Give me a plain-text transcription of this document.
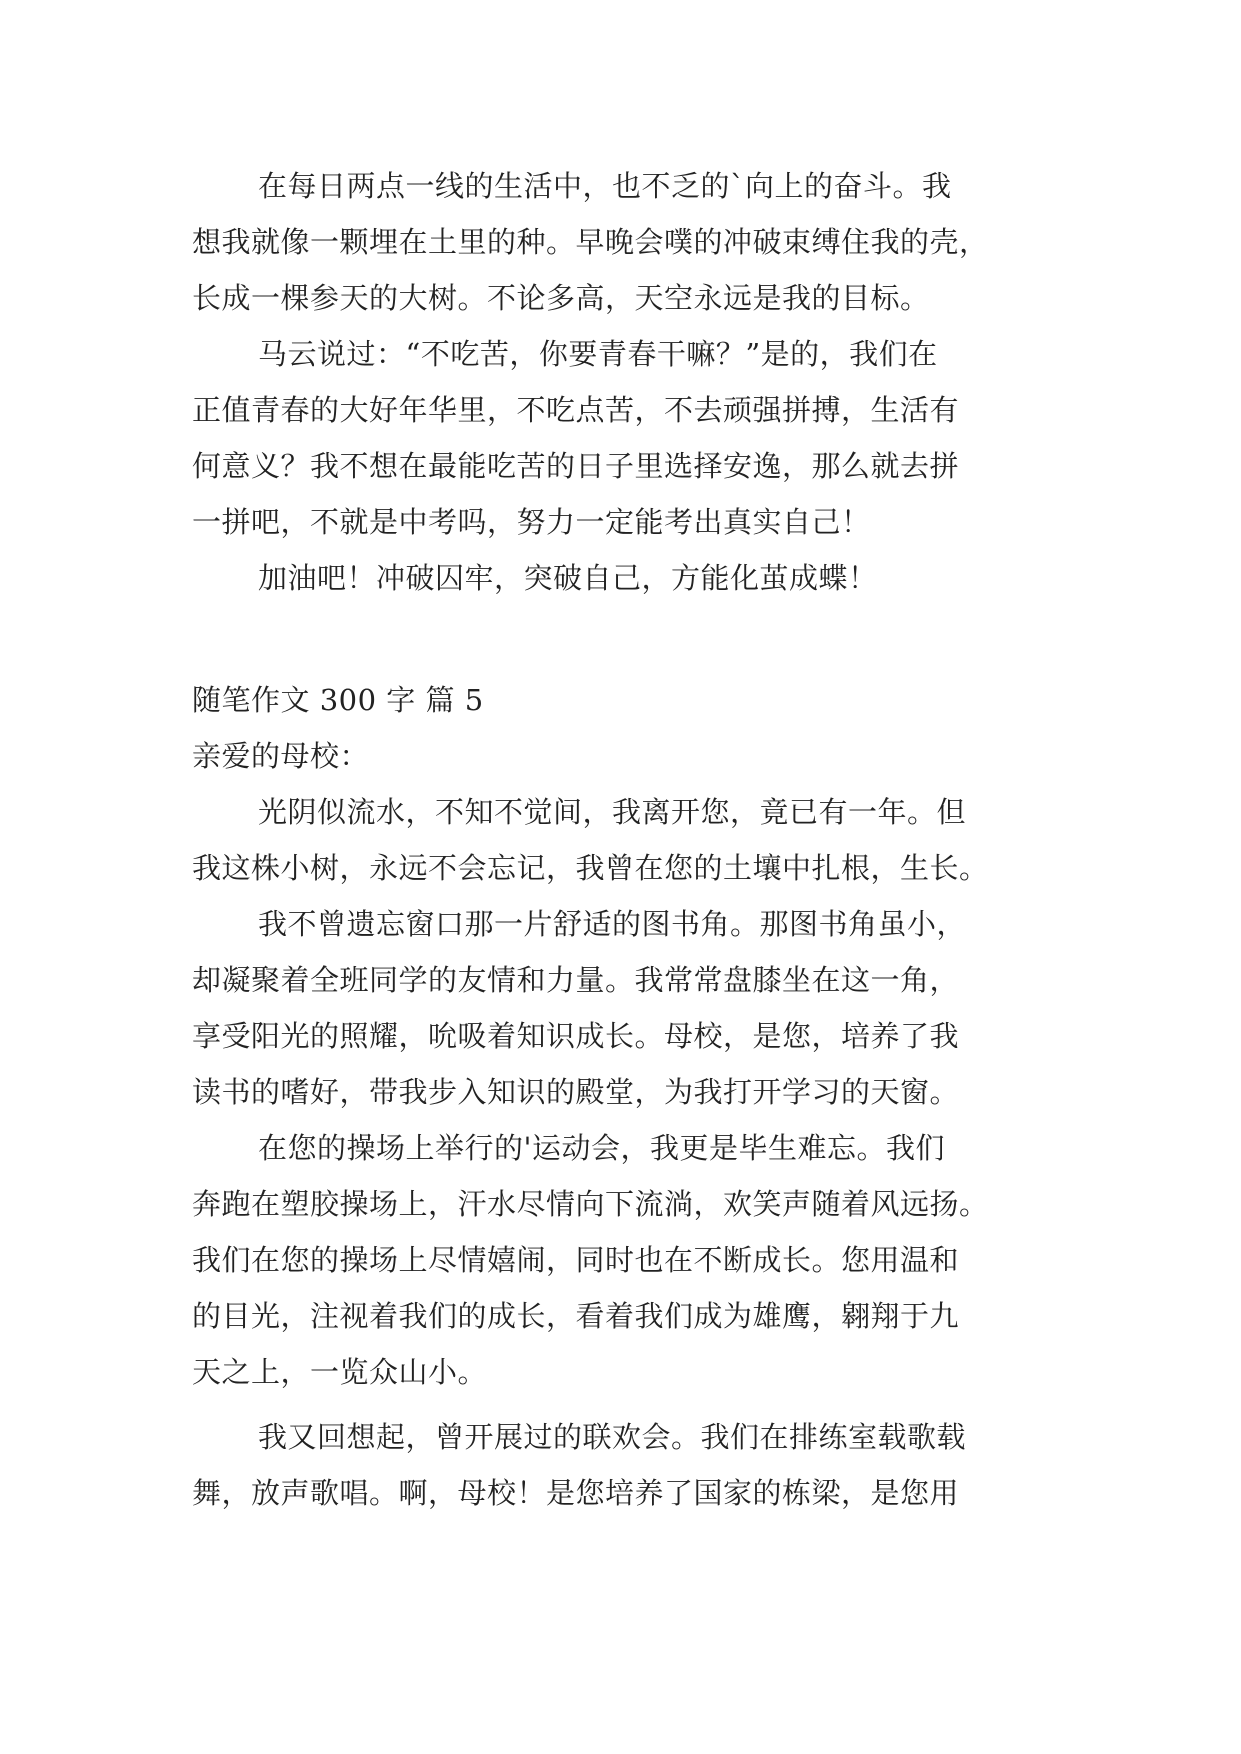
在每日两点一线的生活中，也不乏的`向上的奋斗。我
想我就像一颗埋在土里的种。早晚会噗的冲破束缚住我的壳，
长成一棵参天的大树。不论多高，天空永远是我的目标。
马云说过：“不吃苦，你要青春干嘛？”是的，我们在
正值青春的大好年华里，不吃点苦，不去顽强拼搏，生活有
何意义？我不想在最能吃苦的日子里选择安逸，那么就去拼
一拼吧，不就是中考吗，努力一定能考出真实自己！
加油吧！冲破囚牢，突破自己，方能化茧成蝶！
随笔作文 300 字 篇 5
亲爱的母校：
光阴似流水，不知不觉间，我离开您，竟已有一年。但
我这株小树，永远不会忘记，我曾在您的土壤中扎根，生长。
我不曾遗忘窗口那一片舒适的图书角。那图书角虽小，
却凝聚着全班同学的友情和力量。我常常盘膝坐在这一角，
享受阳光的照耀，吮吸着知识成长。母校，是您，培养了我
读书的嗜好，带我步入知识的殿堂，为我打开学习的天窗。
在您的操场上举行的'运动会，我更是毕生难忘。我们
奔跑在塑胶操场上，汗水尽情向下流淌，欢笑声随着风远扬。
我们在您的操场上尽情嬉闹，同时也在不断成长。您用温和
的目光，注视着我们的成长，看着我们成为雄鹰，翱翔于九
天之上，一览众山小。
我又回想起，曾开展过的联欢会。我们在排练室载歌载
舞，放声歌唱。啊，母校！是您培养了国家的栋梁，是您用
